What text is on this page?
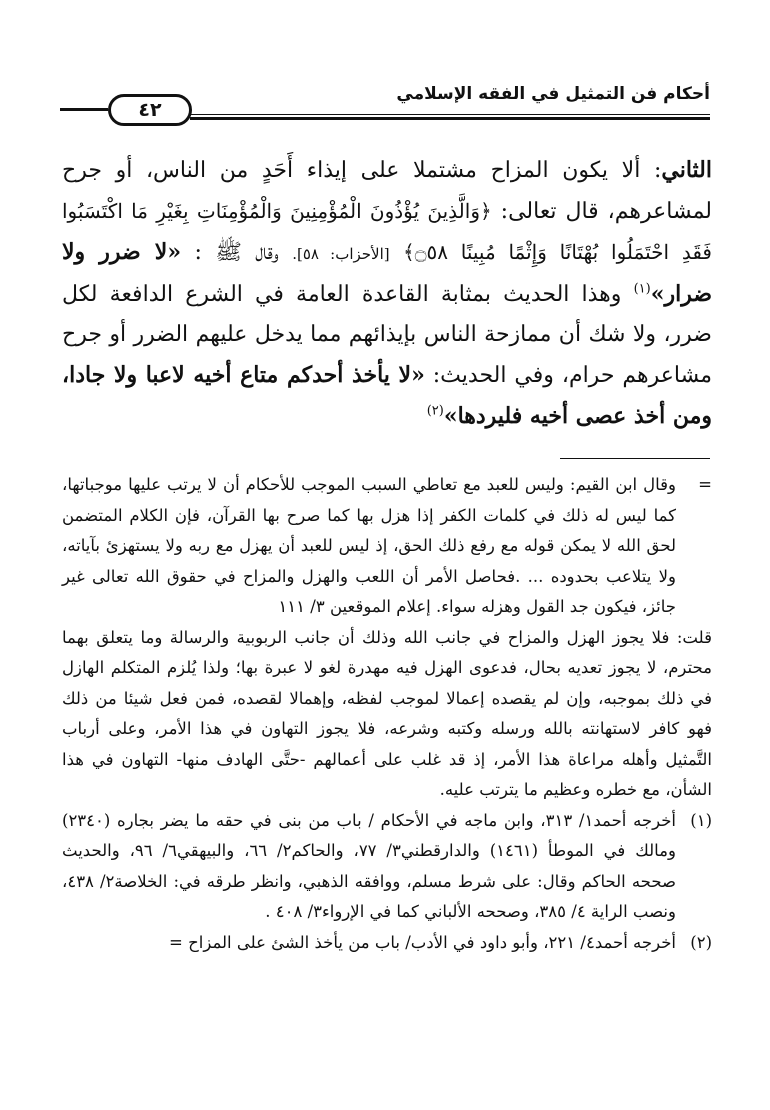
أحكام فن التمثيل في الفقه الإسلامي
٤٢

الثاني: ألا يكون المزاح مشتملا على إيذاء أَحَدٍ من الناس، أو جرح لمشاعرهم، قال تعالى: ﴿وَالَّذِينَ يُؤْذُونَ الْمُؤْمِنِينَ وَالْمُؤْمِنَاتِ بِغَيْرِ مَا اكْتَسَبُوا فَقَدِ احْتَمَلُوا بُهْتَانًا وَإِثْمًا مُبِينًا ۝٥٨﴾ [الأحزاب: ٥٨]. وقال ﷺ : «لا ضرر ولا ضرار»$^{(١)}$ وهذا الحديث بمثابة القاعدة العامة في الشرع الدافعة لكل ضرر، ولا شك أن ممازحة الناس بإيذائهم مما يدخل عليهم الضرر أو جرح مشاعرهم حرام، وفي الحديث: «لا يأخذ أحدكم متاع أخيه لاعبا ولا جادا، ومن أخذ عصى أخيه فليردها»$^{(٢)}$

=

وقال ابن القيم: وليس للعبد مع تعاطي السبب الموجب للأحكام أن لا يرتب عليها موجباتها، كما ليس له ذلك في كلمات الكفر إذا هزل بها كما صرح بها القرآن، فإن الكلام المتضمن لحق الله لا يمكن قوله مع رفع ذلك الحق، إذ ليس للعبد أن يهزل مع ربه ولا يستهزئ بآياته، ولا يتلاعب بحدوده ... .فحاصل الأمر أن اللعب والهزل والمزاح في حقوق الله تعالى غير جائز، فيكون جد القول وهزله سواء. إعلام الموقعين ٣/ ١١١

قلت: فلا يجوز الهزل والمزاح في جانب الله وذلك أن جانب الربوبية والرسالة وما يتعلق بهما محترم، لا يجوز تعديه بحال، فدعوى الهزل فيه مهدرة لغو لا عبرة بها؛ ولذا يُلزم المتكلم الهازل في ذلك بموجبه، وإن لم يقصده إعمالا لموجب لفظه، وإهمالا لقصده، فمن فعل شيئا من ذلك فهو كافر لاستهانته بالله ورسله وكتبه وشرعه، فلا يجوز التهاون في هذا الأمر، وعلى أرباب التَّمثيل وأهله مراعاة هذا الأمر، إذ قد غلب على أعمالهم -حتَّى الهادف منها- التهاون في هذا الشأن، مع خطره وعظيم ما يترتب عليه.

(١)

أخرجه أحمد١/ ٣١٣، وابن ماجه في الأحكام / باب من بنى في حقه ما يضر بجاره (٢٣٤٠) ومالك في الموطأ (١٤٦١) والدارقطني٣/ ٧٧، والحاكم٢/ ٦٦، والبيهقي٦/ ٩٦، والحديث صححه الحاكم وقال: على شرط مسلم، ووافقه الذهبي، وانظر طرقه في: الخلاصة٢/ ٤٣٨، ونصب الراية ٤/ ٣٨٥، وصححه الألباني كما في الإرواء٣/ ٤٠٨ .

(٢)

أخرجه أحمد٤/ ٢٢١، وأبو داود في الأدب/ باب من يأخذ الشئ على المزاح =
